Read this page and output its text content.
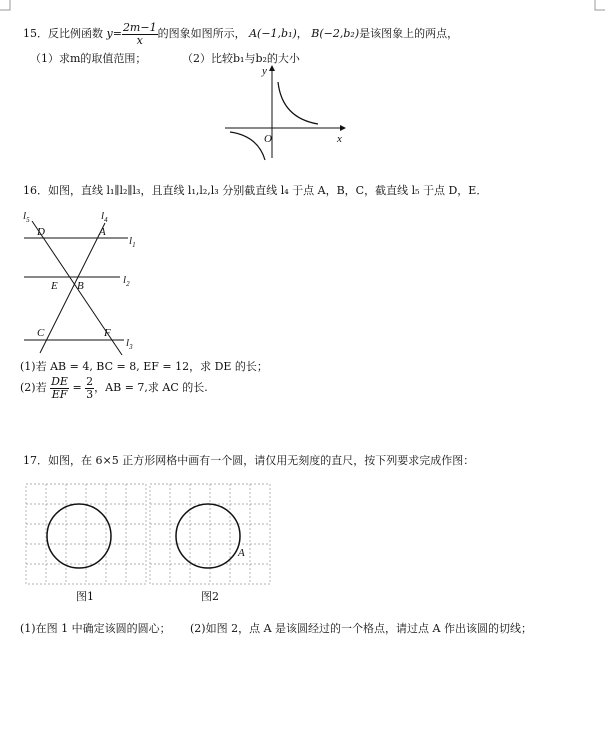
15．反比例函数 $y= \frac{2m-1}{x}$ 的图象如图所示， A(−1,b₁)， B(−2,b₂)是该图象上的两点，
（1）求m的取值范围；	（2）比较b₁与b₂的大小
y
x
O
16．如图，直线 l₁∥l₂∥l₃，且直线 l₁,l₂,l₃ 分别截直线 l₄ 于点 A，B，C，截直线 l₅ 于点 D，E．
$l_5$	$l_4$
$l_1$
$l_2$
$l_3$
D	A
E B
C	F
(1)若 AB = 4, BC = 8, EF = 12，求 DE 的长；
(2)若 $\frac{DE}{EF} = \frac{2}{3}$ ，AB = 7,求 AC 的长.
17．如图，在 6×5 正方形网格中画有一个圆，请仅用无刻度的直尺，按下列要求完成作图：
图1
A
图2
(1)在图 1 中确定该圆的圆心； (2)如图 2，点 A 是该圆经过的一个格点，请过点 A 作出该圆的切线；
